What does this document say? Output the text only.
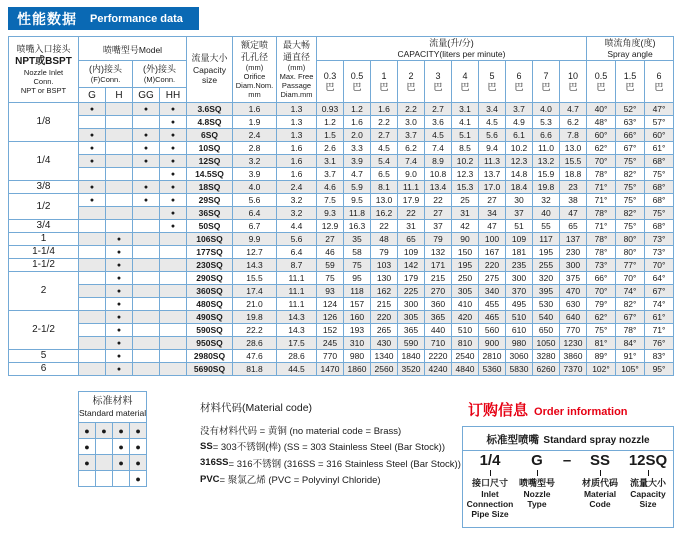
性能数据 Performance data
喷嘴入口接头
NPT或BSPT
Nozzle Inlet
Conn.
NPT or BSPT
	喷嘴型号Model	
流量大小
Capacity size

额定喷
孔孔径
(mm)
Orifice
Diam.Nom.
mm

最大畅
通直径
(mm)
Max. Free
Passage
Diam.mm

流量(升/分)
CAPACITY(liters per minute)

喷流角度(度)
Spray angle

	(内)接头
(F)Conn.		(外)接头
(M)Conn.					0.3
巴	0.5
巴	1
巴	2
巴	3
巴	4
巴	5
巴	6
巴	7
巴	10
巴	0.5
巴	1.5
巴	6
巴

	G	H	GG	HH																
1/8	●		●	●	3.6SQ	1.6	1.3	0.93	1.2	1.6	2.2	2.7	3.1	3.4	3.7	4.0	4.7	40°	52°	47°
				●	4.8SQ	1.9	1.3	1.2	1.6	2.2	3.0	3.6	4.1	4.5	4.9	5.3	6.2	48°	63°	57°
	●		●	●	6SQ	2.4	1.3	1.5	2.0	2.7	3.7	4.5	5.1	5.6	6.1	6.6	7.8	60°	66°	60°
1/4	●		●	●	10SQ	2.8	1.6	2.6	3.3	4.5	6.2	7.4	8.5	9.4	10.2	11.0	13.0	62°	67°	61°
	●		●	●	12SQ	3.2	1.6	3.1	3.9	5.4	7.4	8.9	10.2	11.3	12.3	13.2	15.5	70°	75°	68°
				●	14.5SQ	3.9	1.6	3.7	4.7	6.5	9.0	10.8	12.3	13.7	14.8	15.9	18.8	78°	82°	75°
3/8	●		●	●	18SQ	4.0	2.4	4.6	5.9	8.1	11.1	13.4	15.3	17.0	18.4	19.8	23	71°	75°	68°
1/2	●		●	●	29SQ	5.6	3.2	7.5	9.5	13.0	17.9	22	25	27	30	32	38	71°	75°	68°
				●	36SQ	6.4	3.2	9.3	11.8	16.2	22	27	31	34	37	40	47	78°	82°	75°
3/4				●	50SQ	6.7	4.4	12.9	16.3	22	31	37	42	47	51	55	65	71°	75°	68°
1		●			106SQ	9.9	5.6	27	35	48	65	79	90	100	109	117	137	78°	80°	73°
1-1/4		●			177SQ	12.7	6.4	46	58	79	109	132	150	167	181	195	230	78°	80°	73°
1-1/2		●			230SQ	14.3	8.7	59	75	103	142	171	195	220	235	255	300	73°	77°	70°
2		●			290SQ	15.5	11.1	75	95	130	179	215	250	275	300	320	375	66°	70°	64°
		●			360SQ	17.4	11.1	93	118	162	225	270	305	340	370	395	470	70°	74°	67°
		●			480SQ	21.0	11.1	124	157	215	300	360	410	455	495	530	630	79°	82°	74°
2-1/2		●			490SQ	19.8	14.3	126	160	220	305	365	420	465	510	540	640	62°	67°	61°
		●			590SQ	22.2	14.3	152	193	265	365	440	510	560	610	650	770	75°	78°	71°
		●			950SQ	28.6	17.5	245	310	430	590	710	810	900	980	1050	1230	81°	84°	76°
5		●			2980SQ	47.6	28.6	770	980	1340	1840	2220	2540	2810	3060	3280	3860	89°	91°	83°
6		●			5690SQ	81.8	44.5	1470	1860	2560	3520	4240	4840	5360	5830	6260	7370	102°	105°	95°
标准材料
Standard material			

●	●	●	●
●		●	●
●		●	●
			●
材料代码(Material code)
没有材料代码 = 黄铜 (no material code = Brass)
SS = 303不锈钢(棒) (SS = 303 Stainless Steel (Bar Stock))
316SS = 316不锈钢 (316SS = 316 Stainless Steel (Bar Stock))
PVC = 聚氯乙烯 (PVC = Polyvinyl Chloride)
订购信息 Order information
标准型喷嘴 Standard spray nozzle
1/4	G	–	SS	12SQ
接口尺寸
Inlet Connection Pipe Size
喷嘴型号
Nozzle Type
材质代码
Material Code
流量大小
Capacity Size
